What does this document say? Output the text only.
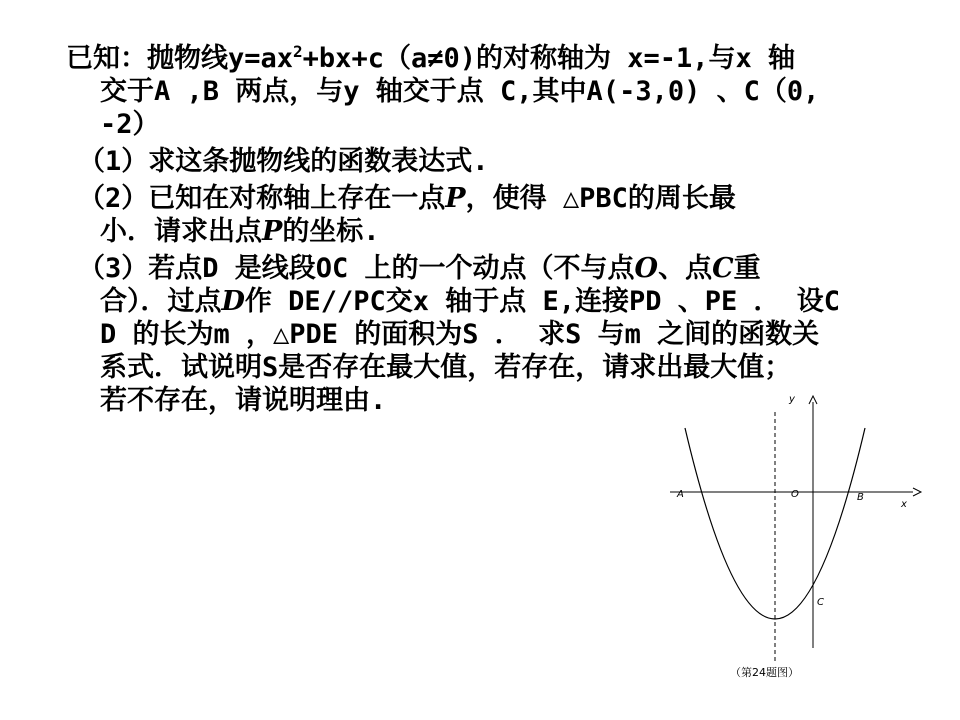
已知：抛物线$y=ax^2+bx+c(a\ne 0)$的对称轴为 x=-1,与x 轴
交于A ,B 两点，与y 轴交于点 C,其中A(-3,0) 、C（0,
-2）
（1）求这条抛物线的函数表达式.
（2）已知在对称轴上存在一点P，使得 △PBC的周长最
小．请求出点P的坐标.
（3）若点D 是线段OC 上的一个动点（不与点O、点C重
合）．过点D作 DE//PC交x 轴于点 E,连接PD 、PE ． 设C
D 的长为m ，△PDE 的面积为S ． 求S 与m 之间的函数关
系式．试说明S是否存在最大值，若存在，请求出最大值；
若不存在，请说明理由.	y
x
A	O	B
C
（第24题图）
